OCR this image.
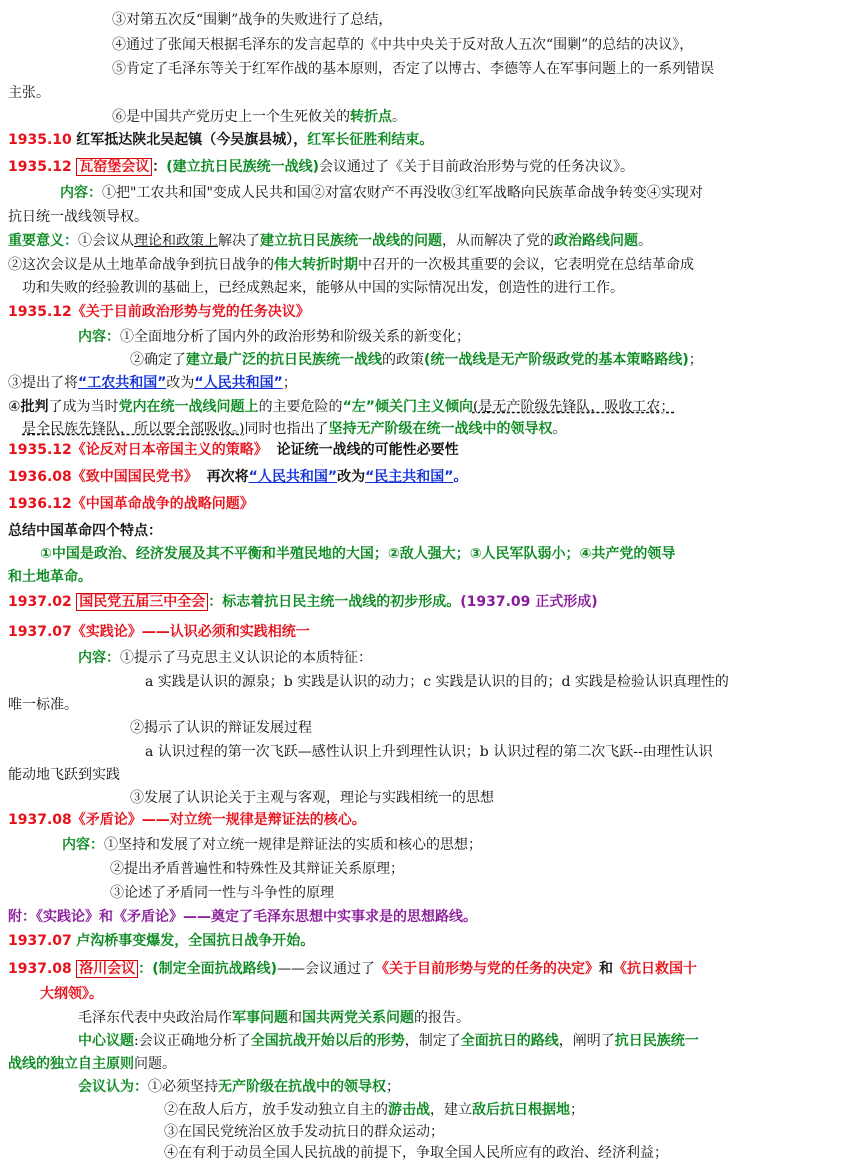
③对第五次反“围剿”战争的失败进行了总结，
④通过了张闻天根据毛泽东的发言起草的《中共中央关于反对敌人五次“围剿”的总结的决议》，
⑤肯定了毛泽东等关于红军作战的基本原则，否定了以博古、李德等人在军事问题上的一系列错误
主张。
⑥是中国共产党历史上一个生死攸关的转折点。
1935.10 红军抵达陕北吴起镇（今吴旗县城），红军长征胜利结束。
1935.12 瓦窑堡会议 ：(建立抗日民族统一战线)会议通过了《关于目前政治形势与党的任务决议》。
内容：①把"工农共和国"变成人民共和国②对富农财产不再没收③红军战略向民族革命战争转变④实现对
抗日统一战线领导权。
重要意义：①会议从理论和政策上解决了建立抗日民族统一战线的问题，从而解决了党的政治路线问题。
②这次会议是从土地革命战争到抗日战争的伟大转折时期中召开的一次极其重要的会议，它表明党在总结革命成
功和失败的经验教训的基础上，已经成熟起来，能够从中国的实际情况出发，创造性的进行工作。
1935.12《关于目前政治形势与党的任务决议》
内容：①全面地分析了国内外的政治形势和阶级关系的新变化；
②确定了建立最广泛的抗日民族统一战线的政策(统一战线是无产阶级政党的基本策略路线)；
③提出了将“工农共和国”改为“人民共和国”；
④批判了成为当时党内在统一战线问题上的主要危险的“左”倾关门主义倾向(是无产阶级先锋队，吸收工农；
是全民族先锋队，所以要全部吸收。)同时也指出了坚持无产阶级在统一战线中的领导权。
1935.12《论反对日本帝国主义的策略》 论证统一战线的可能性必要性
1936.08《致中国国民党书》 再次将“人民共和国”改为“民主共和国”。
1936.12《中国革命战争的战略问题》
总结中国革命四个特点：
①中国是政治、经济发展及其不平衡和半殖民地的大国；②敌人强大；③人民军队弱小；④共产党的领导
和土地革命。
1937.02 国民党五届三中全会 ：标志着抗日民主统一战线的初步形成。(1937.09 正式形成)
1937.07《实践论》——认识必须和实践相统一
内容：①提示了马克思主义认识论的本质特征：
a 实践是认识的源泉；b 实践是认识的动力；c 实践是认识的目的；d 实践是检验认识真理性的
唯一标准。
②揭示了认识的辩证发展过程
a 认识过程的第一次飞跃—感性认识上升到理性认识；b 认识过程的第二次飞跃--由理性认识
能动地飞跃到实践
③发展了认识论关于主观与客观，理论与实践相统一的思想
1937.08《矛盾论》——对立统一规律是辩证法的核心。
内容：①坚持和发展了对立统一规律是辩证法的实质和核心的思想；
②提出矛盾普遍性和特殊性及其辩证关系原理；
③论述了矛盾同一性与斗争性的原理
附：《实践论》和《矛盾论》——奠定了毛泽东思想中实事求是的思想路线。
1937.07 卢沟桥事变爆发，全国抗日战争开始。
1937.08 洛川会议 ：(制定全面抗战路线)——会议通过了《关于目前形势与党的任务的决定》和《抗日救国十
大纲领》。
毛泽东代表中央政治局作军事问题和国共两党关系问题的报告。
中心议题:会议正确地分析了全国抗战开始以后的形势，制定了全面抗日的路线，阐明了抗日民族统一
战线的独立自主原则问题。
会议认为：①必须坚持无产阶级在抗战中的领导权；
②在敌人后方，放手发动独立自主的游击战，建立敌后抗日根据地；
③在国民党统治区放手发动抗日的群众运动；
④在有利于动员全国人民抗战的前提下，争取全国人民所应有的政治、经济利益；
